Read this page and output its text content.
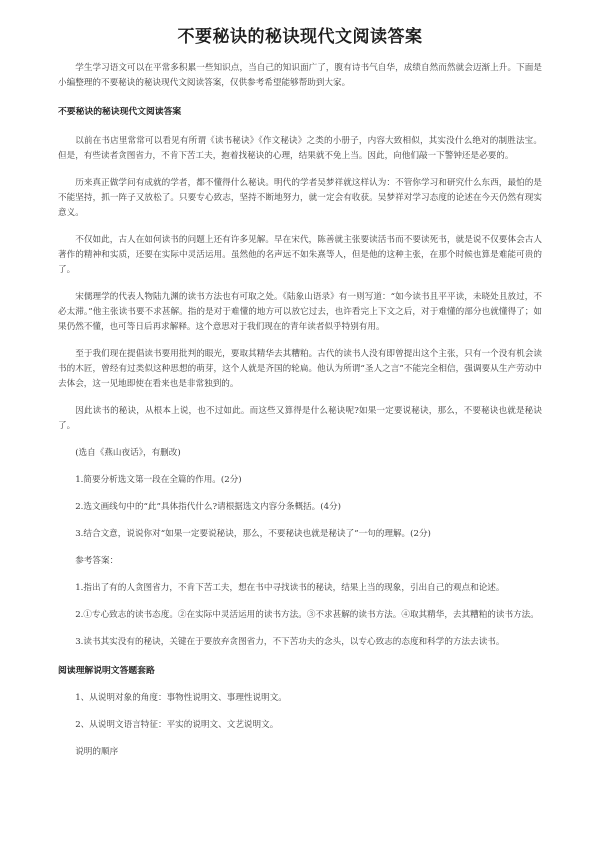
不要秘诀的秘诀现代文阅读答案

学生学习语文可以在平常多积累一些知识点，当自己的知识面广了，腹有诗书气自华，成绩自然而然就会迈渐上升。下面是小编整理的不要秘诀的秘诀现代文阅读答案，仅供参考希望能够帮助到大家。

不要秘诀的秘诀现代文阅读答案

以前在书店里常常可以看见有所谓《读书秘诀》《作文秘诀》之类的小册子，内容大致相似，其实没什么绝对的制胜法宝。但是，有些读者贪图省力，不肯下苦工夫，抱着找秘诀的心理，结果就不免上当。因此，向他们敲一下警钟还是必要的。

历来真正做学问有成就的学者，都不懂得什么秘诀。明代的学者吴梦祥就这样认为：不管你学习和研究什么东西，最怕的是不能坚持，抓一阵子又放松了。只要专心致志，坚持不断地努力，就一定会有收获。吴梦祥对学习态度的论述在今天仍然有现实意义。

不仅如此，古人在如何读书的问题上还有许多见解。早在宋代，陈善就主张要读活书而不要读死书，就是说不仅要体会古人著作的精神和实质，还要在实际中灵活运用。虽然他的名声远不如朱熹等人，但是他的这种主张，在那个时候也算是难能可贵的了。

宋儒理学的代表人物陆九渊的读书方法也有可取之处。《陆象山语录》有一则写道：“如今读书且平平读，未晓处且放过，不必太滞。”他主张读书要不求甚解。指的是对于难懂的地方可以放它过去，也许看完上下文之后，对于难懂的部分也就懂得了；如果仍然不懂，也可等日后再求解释。这个意思对于我们现在的青年读者似乎特别有用。

至于我们现在提倡读书要用批判的眼光，要取其精华去其糟粕。古代的读书人没有即曾提出这个主张，只有一个没有机会读书的木匠，曾经有过类似这种思想的萌芽，这个人就是齐国的轮扁。他认为所谓“圣人之言”不能完全相信，强调要从生产劳动中去体会，这一见地即使在看来也是非常独到的。

因此读书的秘诀，从根本上说，也不过如此。而这些又算得是什么秘诀呢?如果一定要说秘诀，那么，不要秘诀也就是秘诀了。

(选自《燕山夜话》，有删改)

1.简要分析选文第一段在全篇的作用。(2分)

2.选文画线句中的“此”具体指代什么?请根据选文内容分条概括。(4分)

3.结合文意，说说你对“如果一定要说秘诀，那么，不要秘诀也就是秘诀了”一句的理解。(2分)

参考答案：

1.指出了有的人贪图省力，不肯下苦工夫，想在书中寻找读书的秘诀，结果上当的现象，引出自己的观点和论述。

2.①专心致志的读书态度。②在实际中灵活运用的读书方法。③不求甚解的读书方法。④取其精华，去其糟粕的读书方法。

3.读书其实没有的秘诀，关键在于要放弃贪图省力，不下苦功夫的念头，以专心致志的态度和科学的方法去读书。

阅读理解说明文答题套路

1、从说明对象的角度：事物性说明文、事理性说明文。

2、从说明文语言特征：平实的说明文、文艺说明文。

说明的顺序
